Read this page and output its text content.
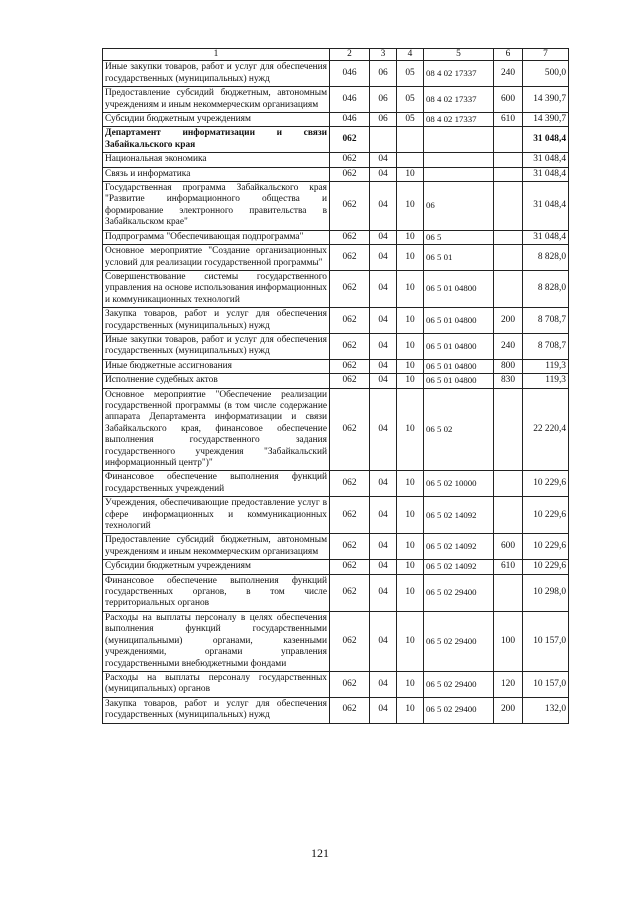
1	2	3	4	5	6	7
Иные закупки товаров, работ и услуг для обеспечения государственных (муниципальных) нужд	046	06	05	08 4 02 17337	240	500,0
Предоставление субсидий бюджетным, автономным учреждениям и иным некоммерческим организациям	046	06	05	08 4 02 17337	600	14 390,7
Субсидии бюджетным учреждениям	046	06	05	08 4 02 17337	610	14 390,7
Департамент информатизации и связи Забайкальского края	062					31 048,4
Национальная экономика	062	04				31 048,4
Связь и информатика	062	04	10			31 048,4
Государственная программа Забайкальского края "Развитие информационного общества и формирование электронного правительства в Забайкальском крае"	062	04	10	06		31 048,4
Подпрограмма "Обеспечивающая подпрограмма"	062	04	10	06 5		31 048,4
Основное мероприятие "Создание организационных условий для реализации государственной программы"	062	04	10	06 5 01		8 828,0
Совершенствование системы государственного управления на основе использования информационных и коммуникационных технологий	062	04	10	06 5 01 04800		8 828,0
Закупка товаров, работ и услуг для обеспечения государственных (муниципальных) нужд	062	04	10	06 5 01 04800	200	8 708,7
Иные закупки товаров, работ и услуг для обеспечения государственных (муниципальных) нужд	062	04	10	06 5 01 04800	240	8 708,7
Иные бюджетные ассигнования	062	04	10	06 5 01 04800	800	119,3
Исполнение судебных актов	062	04	10	06 5 01 04800	830	119,3
Основное мероприятие "Обеспечение реализации государственной программы (в том числе содержание аппарата Департамента информатизации и связи Забайкальского края, финансовое обеспечение выполнения государственного задания государственного учреждения "Забайкальский информационный центр")"	062	04	10	06 5 02		22 220,4
Финансовое обеспечение выполнения функций государственных учреждений	062	04	10	06 5 02 10000		10 229,6
Учреждения, обеспечивающие предоставление услуг в сфере информационных и коммуникационных технологий	062	04	10	06 5 02 14092		10 229,6
Предоставление субсидий бюджетным, автономным учреждениям и иным некоммерческим организациям	062	04	10	06 5 02 14092	600	10 229,6
Субсидии бюджетным учреждениям	062	04	10	06 5 02 14092	610	10 229,6
Финансовое обеспечение выполнения функций государственных органов, в том числе территориальных органов	062	04	10	06 5 02 29400		10 298,0
Расходы на выплаты персоналу в целях обеспечения выполнения функций государственными (муниципальными) органами, казенными учреждениями, органами управления государственными внебюджетными фондами	062	04	10	06 5 02 29400	100	10 157,0
Расходы на выплаты персоналу государственных (муниципальных) органов	062	04	10	06 5 02 29400	120	10 157,0
Закупка товаров, работ и услуг для обеспечения государственных (муниципальных) нужд	062	04	10	06 5 02 29400	200	132,0
121
